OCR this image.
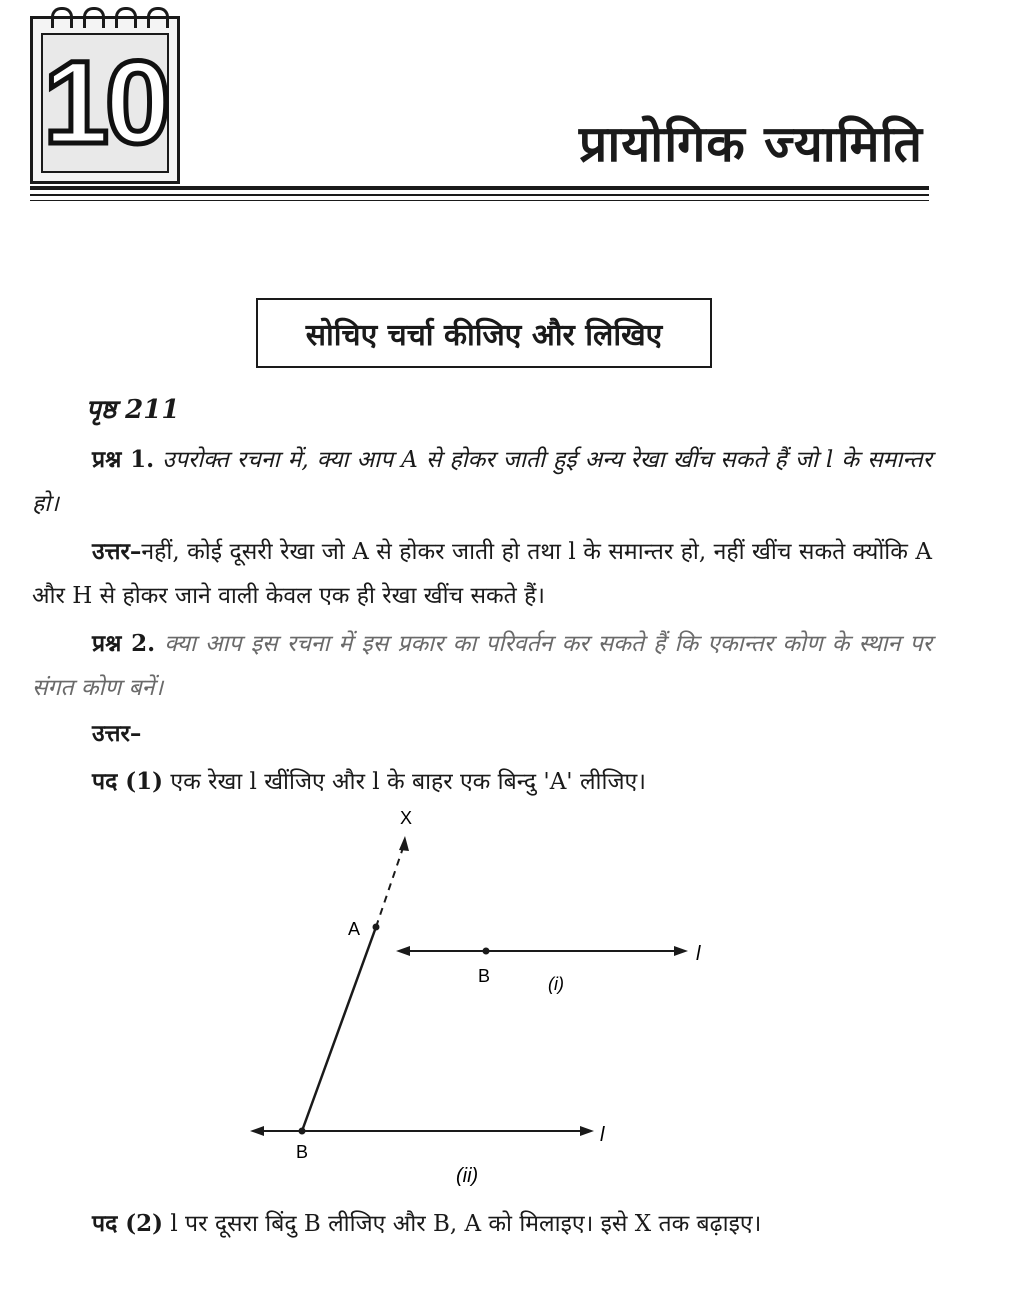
10	प्रायोगिक ज्यामिति
सोचिए चर्चा कीजिए और लिखिए
पृष्ठ 211
प्रश्न 1. उपरोक्त रचना में, क्या आप A से होकर जाती हुई अन्य रेखा खींच सकते हैं जो l के समान्तर हो।
उत्तर–नहीं, कोई दूसरी रेखा जो A से होकर जाती हो तथा l के समान्तर हो, नहीं खींच सकते क्योंकि A और H से होकर जाने वाली केवल एक ही रेखा खींच सकते हैं।
प्रश्न 2. क्या आप इस रचना में इस प्रकार का परिवर्तन कर सकते हैं कि एकान्तर कोण के स्थान पर संगत कोण बनें।
उत्तर–
पद (1) एक रेखा l खींजिए और l के बाहर एक बिन्दु 'A' लीजिए।
X
A
B
l
(i)
B
l
(ii)
पद (2) l पर दूसरा बिंदु B लीजिए और B, A को मिलाइए। इसे X तक बढ़ाइए।
